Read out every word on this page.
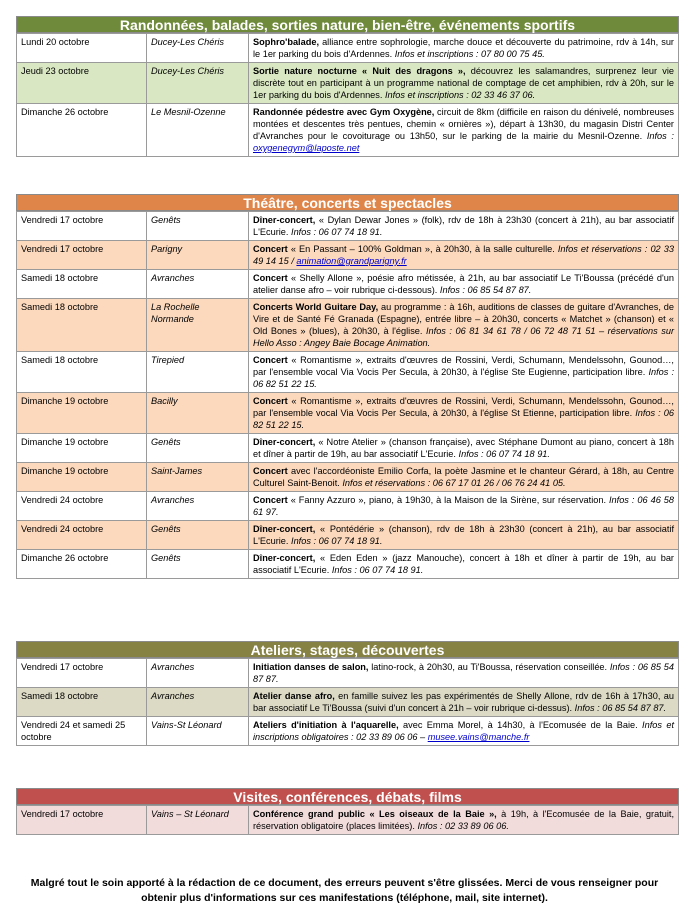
Randonnées, balades, sorties nature, bien-être, événements sportifs
Lundi 20 octobre	Ducey-Les Chéris	Sophro'balade, alliance entre sophrologie, marche douce et découverte du patrimoine, rdv à 14h, sur le 1er parking du bois d'Ardennes. Infos et inscriptions : 07 80 00 75 45.
Jeudi 23 octobre	Ducey-Les Chéris	Sortie nature nocturne « Nuit des dragons », découvrez les salamandres, surprenez leur vie discrète tout en participant à un programme national de comptage de cet amphibien, rdv à 20h, sur le 1er parking du bois d'Ardennes. Infos et inscriptions : 02 33 46 37 06.
Dimanche 26 octobre	Le Mesnil-Ozenne	Randonnée pédestre avec Gym Oxygène, circuit de 8km (difficile en raison du dénivelé, nombreuses montées et descentes très pentues, chemin « ornières »), départ à 13h30, du magasin Distri Center d'Avranches pour le covoiturage ou 13h50, sur le parking de la mairie du Mesnil-Ozenne. Infos : oxygenegym@laposte.net
Théâtre, concerts et spectacles
Vendredi 17 octobre	Genêts	Dîner-concert, « Dylan Dewar Jones » (folk), rdv de 18h à 23h30 (concert à 21h), au bar associatif L'Ecurie. Infos : 06 07 74 18 91.
Vendredi 17 octobre	Parigny	Concert « En Passant – 100% Goldman », à 20h30, à la salle culturelle. Infos et réservations : 02 33 49 14 15 / animation@grandparigny.fr
Samedi 18 octobre	Avranches	Concert « Shelly Allone », poésie afro métissée, à 21h, au bar associatif Le Ti'Boussa (précédé d'un atelier danse afro – voir rubrique ci-dessous). Infos : 06 85 54 87 87.
Samedi 18 octobre	La Rochelle Normande	Concerts World Guitare Day, au programme : à 16h, auditions de classes de guitare d'Avranches, de Vire et de Santé Fé Granada (Espagne), entrée libre – à 20h30, concerts « Matchet » (chanson) et « Old Bones » (blues), à 20h30, à l'église. Infos : 06 81 34 61 78 / 06 72 48 71 51 – réservations sur Hello Asso : Angey Baie Bocage Animation.
Samedi 18 octobre	Tirepied	Concert « Romantisme », extraits d'œuvres de Rossini, Verdi, Schumann, Mendelssohn, Gounod…, par l'ensemble vocal Via Vocis Per Secula, à 20h30, à l'église Ste Eugienne, participation libre. Infos : 06 82 51 22 15.
Dimanche 19 octobre	Bacilly	Concert « Romantisme », extraits d'œuvres de Rossini, Verdi, Schumann, Mendelssohn, Gounod…, par l'ensemble vocal Via Vocis Per Secula, à 20h30, à l'église St Etienne, participation libre. Infos : 06 82 51 22 15.
Dimanche 19 octobre	Genêts	Dîner-concert, « Notre Atelier » (chanson française), avec Stéphane Dumont au piano, concert à 18h et dîner à partir de 19h, au bar associatif L'Ecurie. Infos : 06 07 74 18 91.
Dimanche 19 octobre	Saint-James	Concert avec l'accordéoniste Emilio Corfa, la poète Jasmine et le chanteur Gérard, à 18h, au Centre Culturel Saint-Benoit. Infos et réservations : 06 67 17 01 26 / 06 76 24 41 05.
Vendredi 24 octobre	Avranches	Concert « Fanny Azzuro », piano, à 19h30, à la Maison de la Sirène, sur réservation. Infos : 06 46 58 61 97.
Vendredi 24 octobre	Genêts	Dîner-concert, « Pontédérie » (chanson), rdv de 18h à 23h30 (concert à 21h), au bar associatif L'Ecurie. Infos : 06 07 74 18 91.
Dimanche 26 octobre	Genêts	Dîner-concert, « Eden Eden » (jazz Manouche), concert à 18h et dîner à partir de 19h, au bar associatif L'Ecurie. Infos : 06 07 74 18 91.
Ateliers, stages, découvertes
Vendredi 17 octobre	Avranches	Initiation danses de salon, latino-rock, à 20h30, au Ti'Boussa, réservation conseillée. Infos : 06 85 54 87 87.
Samedi 18 octobre	Avranches	Atelier danse afro, en famille suivez les pas expérimentés de Shelly Allone, rdv de 16h à 17h30, au bar associatif Le Ti'Boussa (suivi d'un concert à 21h – voir rubrique ci-dessus). Infos : 06 85 54 87 87.
Vendredi 24 et samedi 25 octobre	Vains-St Léonard	Ateliers d'initiation à l'aquarelle, avec Emma Morel, à 14h30, à l'Ecomusée de la Baie. Infos et inscriptions obligatoires : 02 33 89 06 06 – musee.vains@manche.fr
Visites, conférences, débats, films
Vendredi 17 octobre	Vains – St Léonard	Conférence grand public « Les oiseaux de la Baie », à 19h, à l'Ecomusée de la Baie, gratuit, réservation obligatoire (places limitées). Infos : 02 33 89 06 06.
Malgré tout le soin apporté à la rédaction de ce document, des erreurs peuvent s'être glissées. Merci de vous renseigner pour obtenir plus d'informations sur ces manifestations (téléphone, mail, site internet).
